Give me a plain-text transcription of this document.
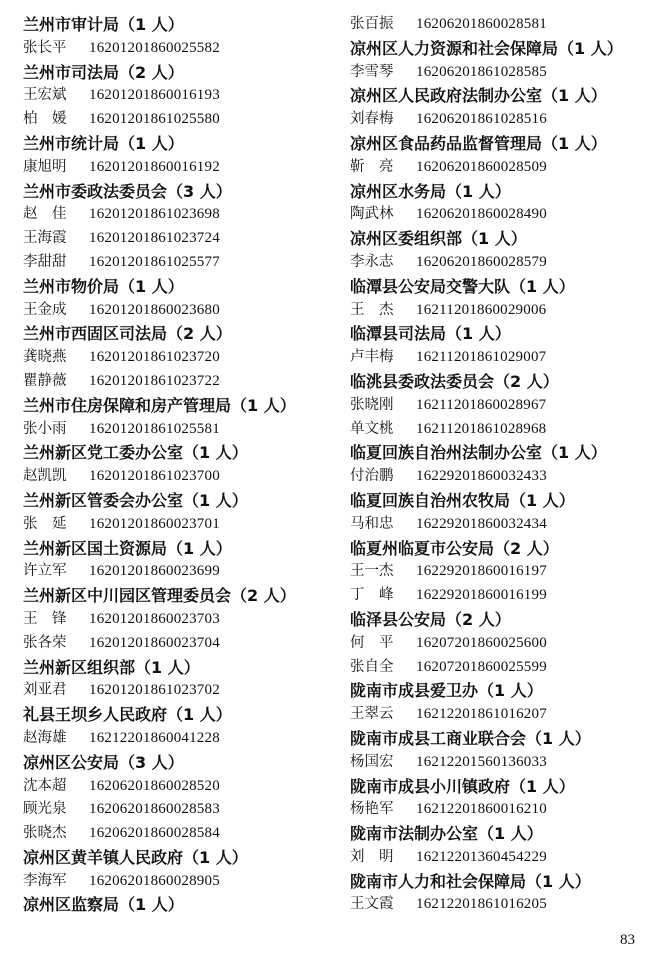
兰州市审计局（1 人）
张长平 16201201860025582
兰州市司法局（2 人）
王宏斌 16201201860016193
柏　媛 16201201861025580
兰州市统计局（1 人）
康旭明 16201201860016192
兰州市委政法委员会（3 人）
赵　佳 16201201861023698
王海霞 16201201861023724
李甜甜 16201201861025577
兰州市物价局（1 人）
王金成 16201201860023680
兰州市西固区司法局（2 人）
龚晓燕 16201201861023720
瞿静薇 16201201861023722
兰州市住房保障和房产管理局（1 人）
张小雨 16201201861025581
兰州新区党工委办公室（1 人）
赵凯凯 16201201861023700
兰州新区管委会办公室（1 人）
张　延 16201201860023701
兰州新区国土资源局（1 人）
许立军 16201201860023699
兰州新区中川园区管理委员会（2 人）
王　锋 16201201860023703
张各荣 16201201860023704
兰州新区组织部（1 人）
刘亚君 16201201861023702
礼县王坝乡人民政府（1 人）
赵海雄 16212201860041228
凉州区公安局（3 人）
沈本超 16206201860028520
顾光泉 16206201860028583
张晓杰 16206201860028584
凉州区黄羊镇人民政府（1 人）
李海军 16206201860028905
凉州区监察局（1 人）
张百振 16206201860028581
凉州区人力资源和社会保障局（1 人）
李雪琴 16206201861028585
凉州区人民政府法制办公室（1 人）
刘春梅 16206201861028516
凉州区食品药品监督管理局（1 人）
靳　亮 16206201860028509
凉州区水务局（1 人）
陶武林 16206201860028490
凉州区委组织部（1 人）
李永志 16206201860028579
临潭县公安局交警大队（1 人）
王　杰 16211201860029006
临潭县司法局（1 人）
卢丰梅 16211201861029007
临洮县委政法委员会（2 人）
张晓刚 16211201860028967
单文桃 16211201861028968
临夏回族自治州法制办公室（1 人）
付治鹏 16229201860032433
临夏回族自治州农牧局（1 人）
马和忠 16229201860032434
临夏州临夏市公安局（2 人）
王一杰 16229201860016197
丁　峰 16229201860016199
临泽县公安局（2 人）
何　平 16207201860025600
张自全 16207201860025599
陇南市成县爱卫办（1 人）
王翠云 16212201861016207
陇南市成县工商业联合会（1 人）
杨国宏 16212201560136033
陇南市成县小川镇政府（1 人）
杨艳军 16212201860016210
陇南市法制办公室（1 人）
刘　明 16212201360454229
陇南市人力和社会保障局（1 人）
王文霞 16212201861016205
83
